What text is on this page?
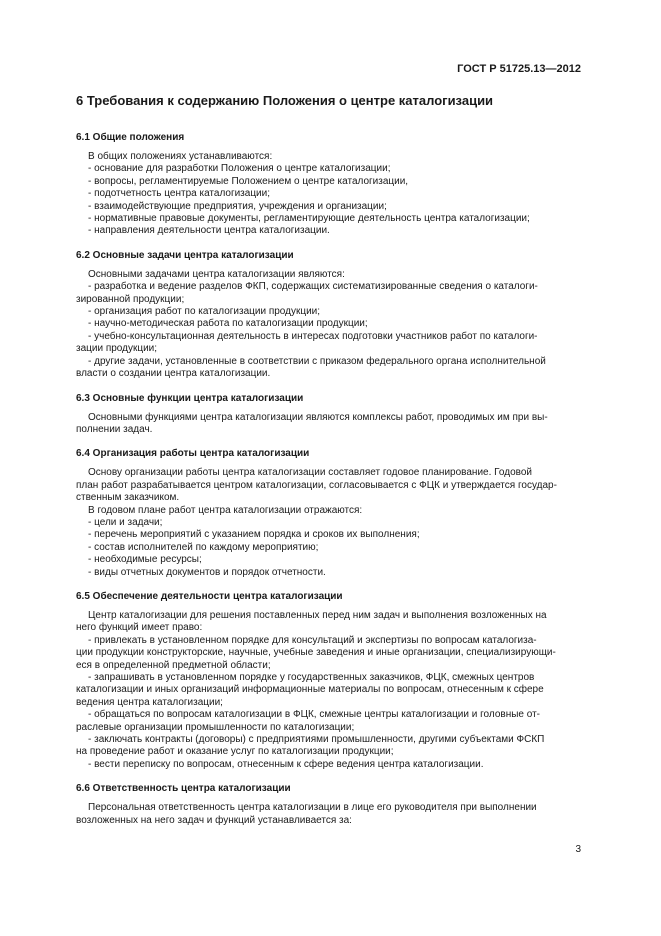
ГОСТ Р 51725.13—2012
6 Требования к содержанию Положения о центре каталогизации
6.1 Общие положения

В общих положениях устанавливаются:

- основание для разработки Положения о центре каталогизации;

- вопросы, регламентируемые Положением о центре каталогизации,

- подотчетность центра каталогизации;

- взаимодействующие предприятия, учреждения и организации;

- нормативные правовые документы, регламентирующие деятельность центра каталогизации;

- направления деятельности центра каталогизации.

6.2 Основные задачи центра каталогизации

Основными задачами центра каталогизации являются:

- разработка и ведение разделов ФКП, содержащих систематизированные сведения о каталоги-

зированной продукции;

- организация работ по каталогизации продукции;

- научно-методическая работа по каталогизации продукции;

- учебно-консультационная деятельность в интересах подготовки участников работ по каталоги-

зации продукции;

- другие задачи, установленные в соответствии с приказом федерального органа исполнительной

власти о создании центра каталогизации.

6.3 Основные функции центра каталогизации

Основными функциями центра каталогизации являются комплексы работ, проводимых им при вы-

полнении задач.

6.4 Организация работы центра каталогизации

Основу организации работы центра каталогизации составляет годовое планирование. Годовой

план работ разрабатывается центром каталогизации, согласовывается с ФЦК и утверждается государ-

ственным заказчиком.

В годовом плане работ центра каталогизации отражаются:

- цели и задачи;

- перечень мероприятий с указанием порядка и сроков их выполнения;

- состав исполнителей по каждому мероприятию;

- необходимые ресурсы;

- виды отчетных документов и порядок отчетности.

6.5 Обеспечение деятельности центра каталогизации

Центр каталогизации для решения поставленных перед ним задач и выполнения возложенных на

него функций имеет право:

- привлекать в установленном порядке для консультаций и экспертизы по вопросам каталогиза-

ции продукции конструкторские, научные, учебные заведения и иные организации, специализирующи-

еся в определенной предметной области;

- запрашивать в установленном порядке у государственных заказчиков, ФЦК, смежных центров

каталогизации и иных организаций информационные материалы по вопросам, отнесенным к сфере

ведения центра каталогизации;

- обращаться по вопросам каталогизации в ФЦК, смежные центры каталогизации и головные от-

раслевые организации промышленности по каталогизации;

- заключать контракты (договоры) с предприятиями промышленности, другими субъектами ФСКП

на проведение работ и оказание услуг по каталогизации продукции;

- вести переписку по вопросам, отнесенным к сфере ведения центра каталогизации.

6.6 Ответственность центра каталогизации

Персональная ответственность центра каталогизации в лице его руководителя при выполнении

возложенных на него задач и функций устанавливается за:

3
